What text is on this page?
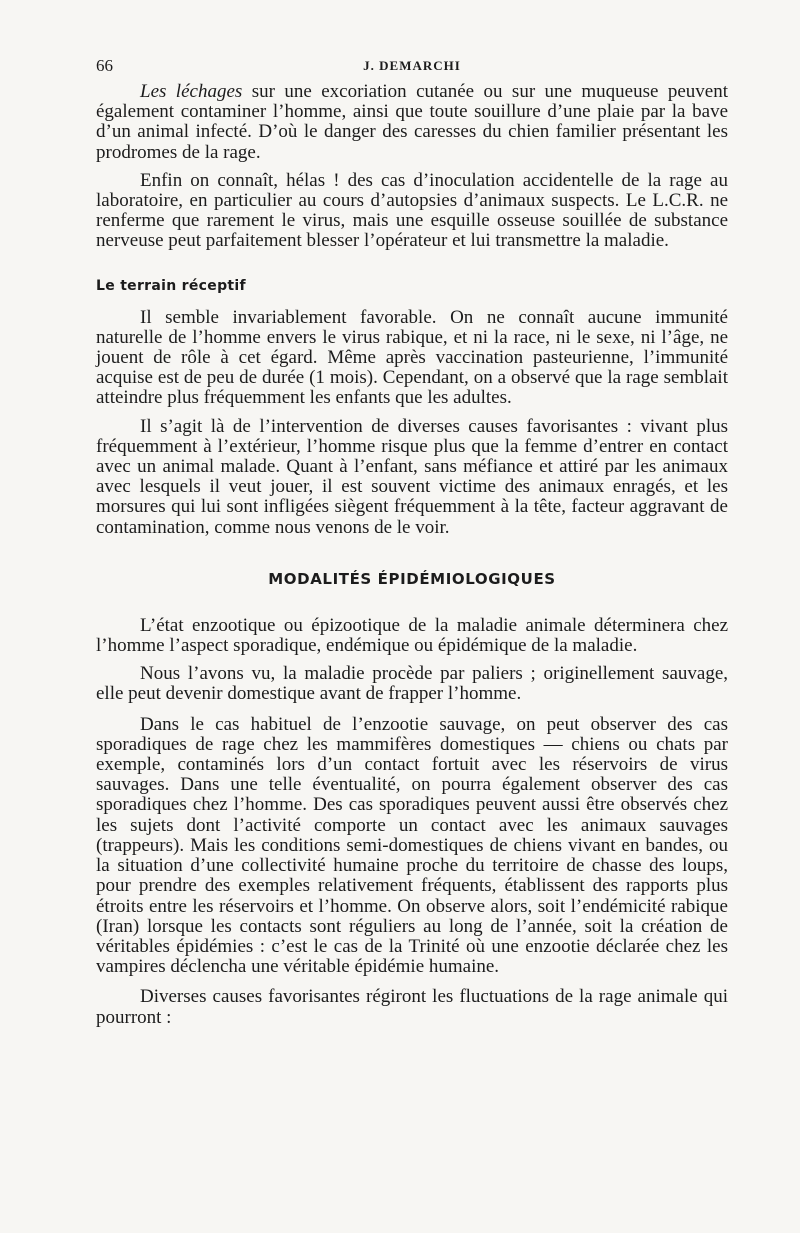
66	J. DEMARCHI

Les léchages sur une excoriation cutanée ou sur une muqueuse peuvent également contaminer l’homme, ainsi que toute souillure d’une plaie par la bave d’un animal infecté. D’où le danger des caresses du chien familier présentant les prodromes de la rage.

Enfin on connaît, hélas ! des cas d’inoculation accidentelle de la rage au laboratoire, en particulier au cours d’autopsies d’animaux suspects. Le L.C.R. ne renferme que rarement le virus, mais une esquille osseuse souillée de substance nerveuse peut parfaitement blesser l’opérateur et lui transmettre la maladie.

Le terrain réceptif

Il semble invariablement favorable. On ne connaît aucune immunité naturelle de l’homme envers le virus rabique, et ni la race, ni le sexe, ni l’âge, ne jouent de rôle à cet égard. Même après vaccination pasteurienne, l’immunité acquise est de peu de durée (1 mois). Cependant, on a observé que la rage semblait atteindre plus fréquemment les enfants que les adultes.

Il s’agit là de l’intervention de diverses causes favorisantes : vivant plus fréquemment à l’extérieur, l’homme risque plus que la femme d’entrer en contact avec un animal malade. Quant à l’enfant, sans méfiance et attiré par les animaux avec lesquels il veut jouer, il est souvent victime des animaux enragés, et les morsures qui lui sont infligées siègent fréquemment à la tête, facteur aggravant de contamination, comme nous venons de le voir.

MODALITÉS ÉPIDÉMIOLOGIQUES

L’état enzootique ou épizootique de la maladie animale déterminera chez l’homme l’aspect sporadique, endémique ou épidémique de la maladie.

Nous l’avons vu, la maladie procède par paliers ; originellement sauvage, elle peut devenir domestique avant de frapper l’homme.

Dans le cas habituel de l’enzootie sauvage, on peut observer des cas sporadiques de rage chez les mammifères domestiques — chiens ou chats par exemple, contaminés lors d’un contact fortuit avec les réservoirs de virus sauvages. Dans une telle éventualité, on pourra également observer des cas sporadiques chez l’homme. Des cas sporadiques peuvent aussi être observés chez les sujets dont l’activité comporte un contact avec les animaux sauvages (trappeurs). Mais les conditions semi-domestiques de chiens vivant en bandes, ou la situation d’une collectivité humaine proche du territoire de chasse des loups, pour prendre des exemples relativement fréquents, établissent des rapports plus étroits entre les réservoirs et l’homme. On observe alors, soit l’endémicité rabique (Iran) lorsque les contacts sont réguliers au long de l’année, soit la création de véritables épidémies : c’est le cas de la Trinité où une enzootie déclarée chez les vampires déclencha une véritable épidémie humaine.

Diverses causes favorisantes régiront les fluctuations de la rage animale qui pourront :
